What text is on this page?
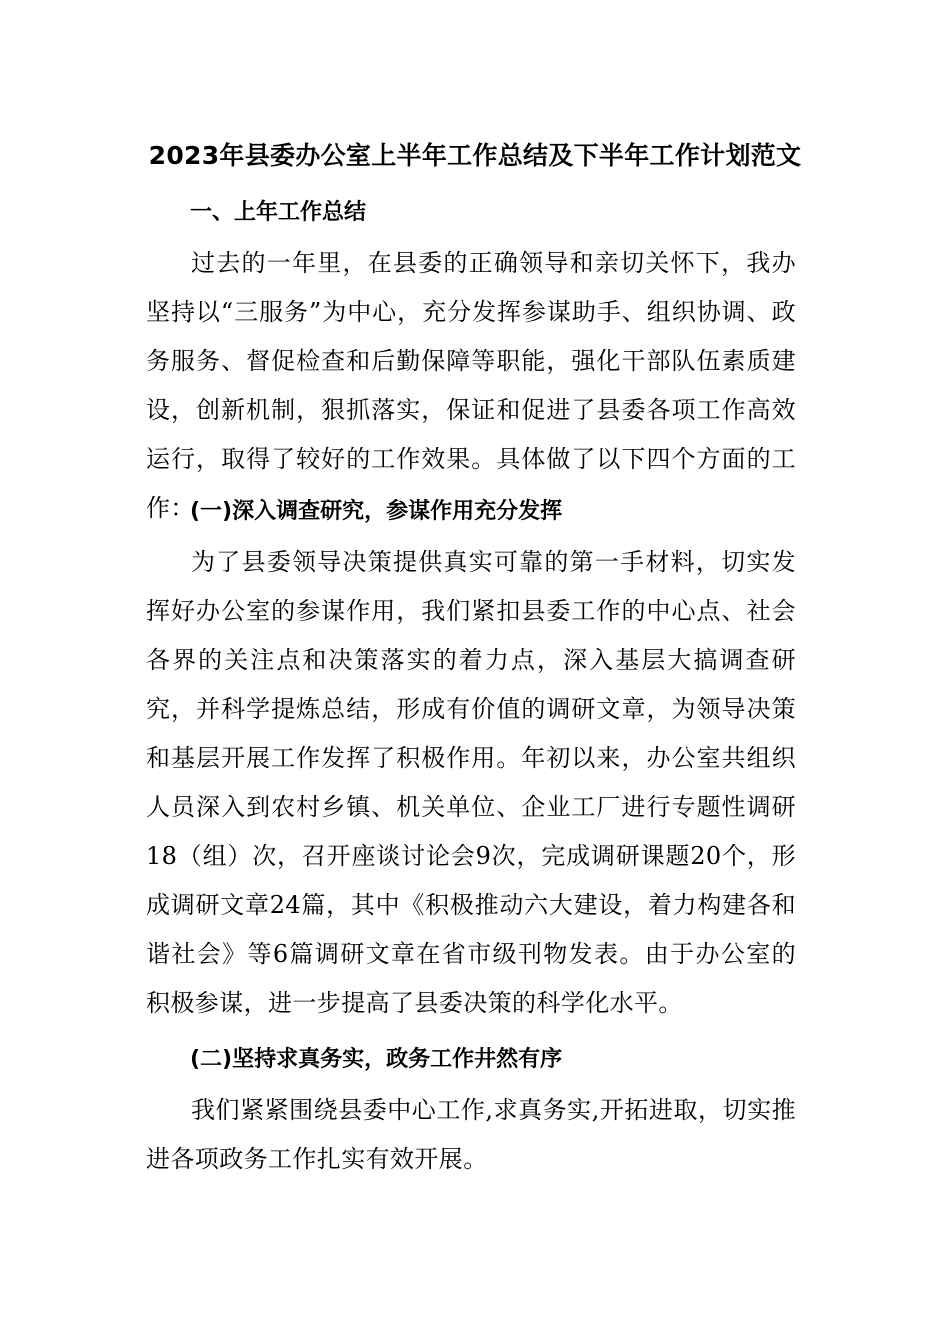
2023年县委办公室上半年工作总结及下半年工作计划范文
一、上年工作总结
过去的一年里，在县委的正确领导和亲切关怀下，我办坚持以“三服务”为中心，充分发挥参谋助手、组织协调、政务服务、督促检查和后勤保障等职能，强化干部队伍素质建设，创新机制，狠抓落实，保证和促进了县委各项工作高效运行，取得了较好的工作效果。具体做了以下四个方面的工作：
(一)深入调查研究，参谋作用充分发挥
为了县委领导决策提供真实可靠的第一手材料，切实发挥好办公室的参谋作用，我们紧扣县委工作的中心点、社会各界的关注点和决策落实的着力点，深入基层大搞调查研究，并科学提炼总结，形成有价值的调研文章，为领导决策和基层开展工作发挥了积极作用。年初以来，办公室共组织人员深入到农村乡镇、机关单位、企业工厂进行专题性调研18（组）次，召开座谈讨论会9次，完成调研课题20个，形成调研文章24篇，其中《积极推动六大建设，着力构建各和谐社会》等6篇调研文章在省市级刊物发表。由于办公室的积极参谋，进一步提高了县委决策的科学化水平。
(二)坚持求真务实，政务工作井然有序
我们紧紧围绕县委中心工作,求真务实,开拓进取，切实推进各项政务工作扎实有效开展。
